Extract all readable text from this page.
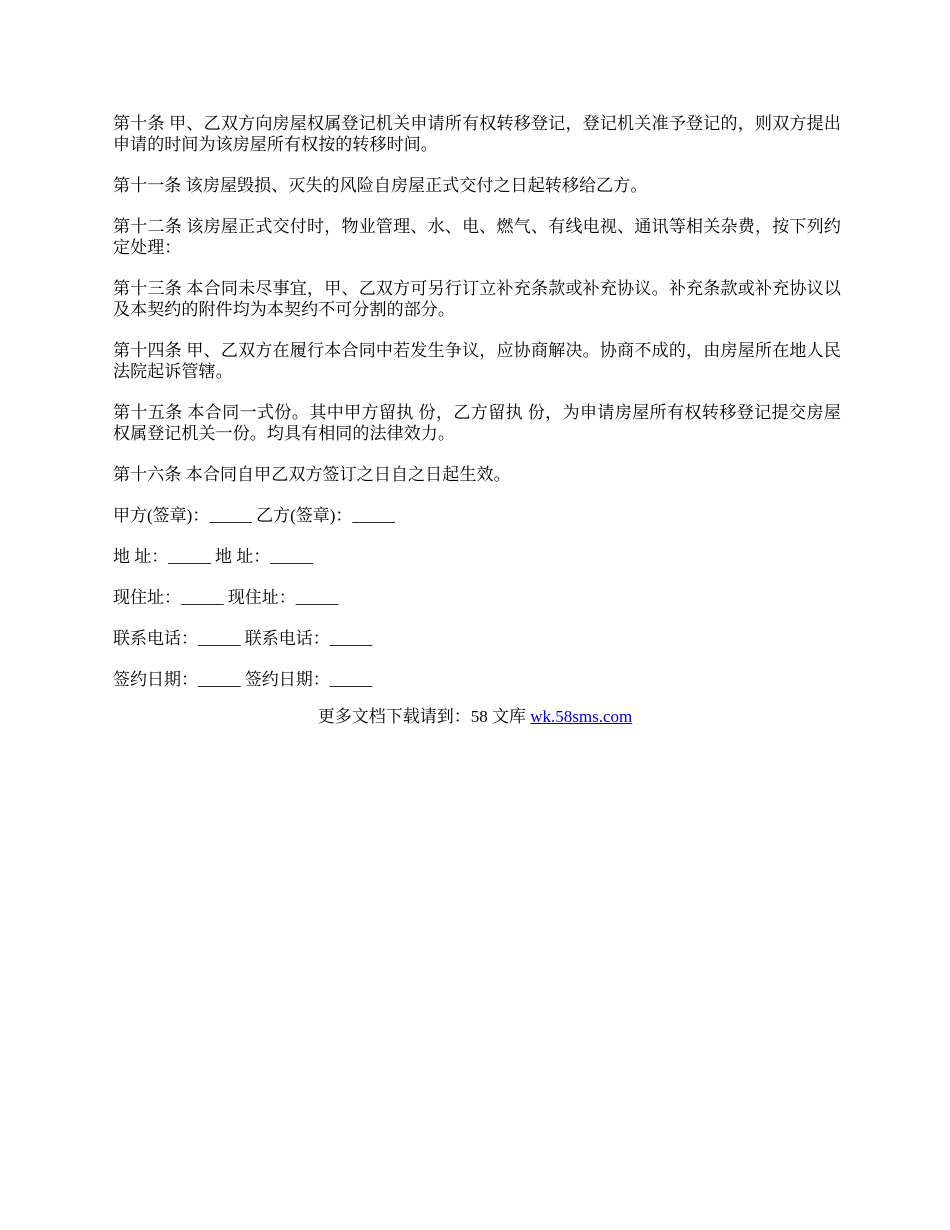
第十条 甲、乙双方向房屋权属登记机关申请所有权转移登记，登记机关准予登记的，则双方提出申请的时间为该房屋所有权按的转移时间。

第十一条 该房屋毁损、灭失的风险自房屋正式交付之日起转移给乙方。

第十二条 该房屋正式交付时，物业管理、水、电、燃气、有线电视、通讯等相关杂费，按下列约定处理：

第十三条 本合同未尽事宜，甲、乙双方可另行订立补充条款或补充协议。补充条款或补充协议以及本契约的附件均为本契约不可分割的部分。

第十四条 甲、乙双方在履行本合同中若发生争议，应协商解决。协商不成的，由房屋所在地人民法院起诉管辖。

第十五条 本合同一式份。其中甲方留执 份，乙方留执 份，为申请房屋所有权转移登记提交房屋权属登记机关一份。均具有相同的法律效力。

第十六条 本合同自甲乙双方签订之日自之日起生效。

甲方(签章)：_____ 乙方(签章)：_____

地 址：_____ 地 址：_____

现住址：_____ 现住址：_____

联系电话：_____ 联系电话：_____

签约日期：_____ 签约日期：_____

更多文档下载请到：58 文库 wk.58sms.com
